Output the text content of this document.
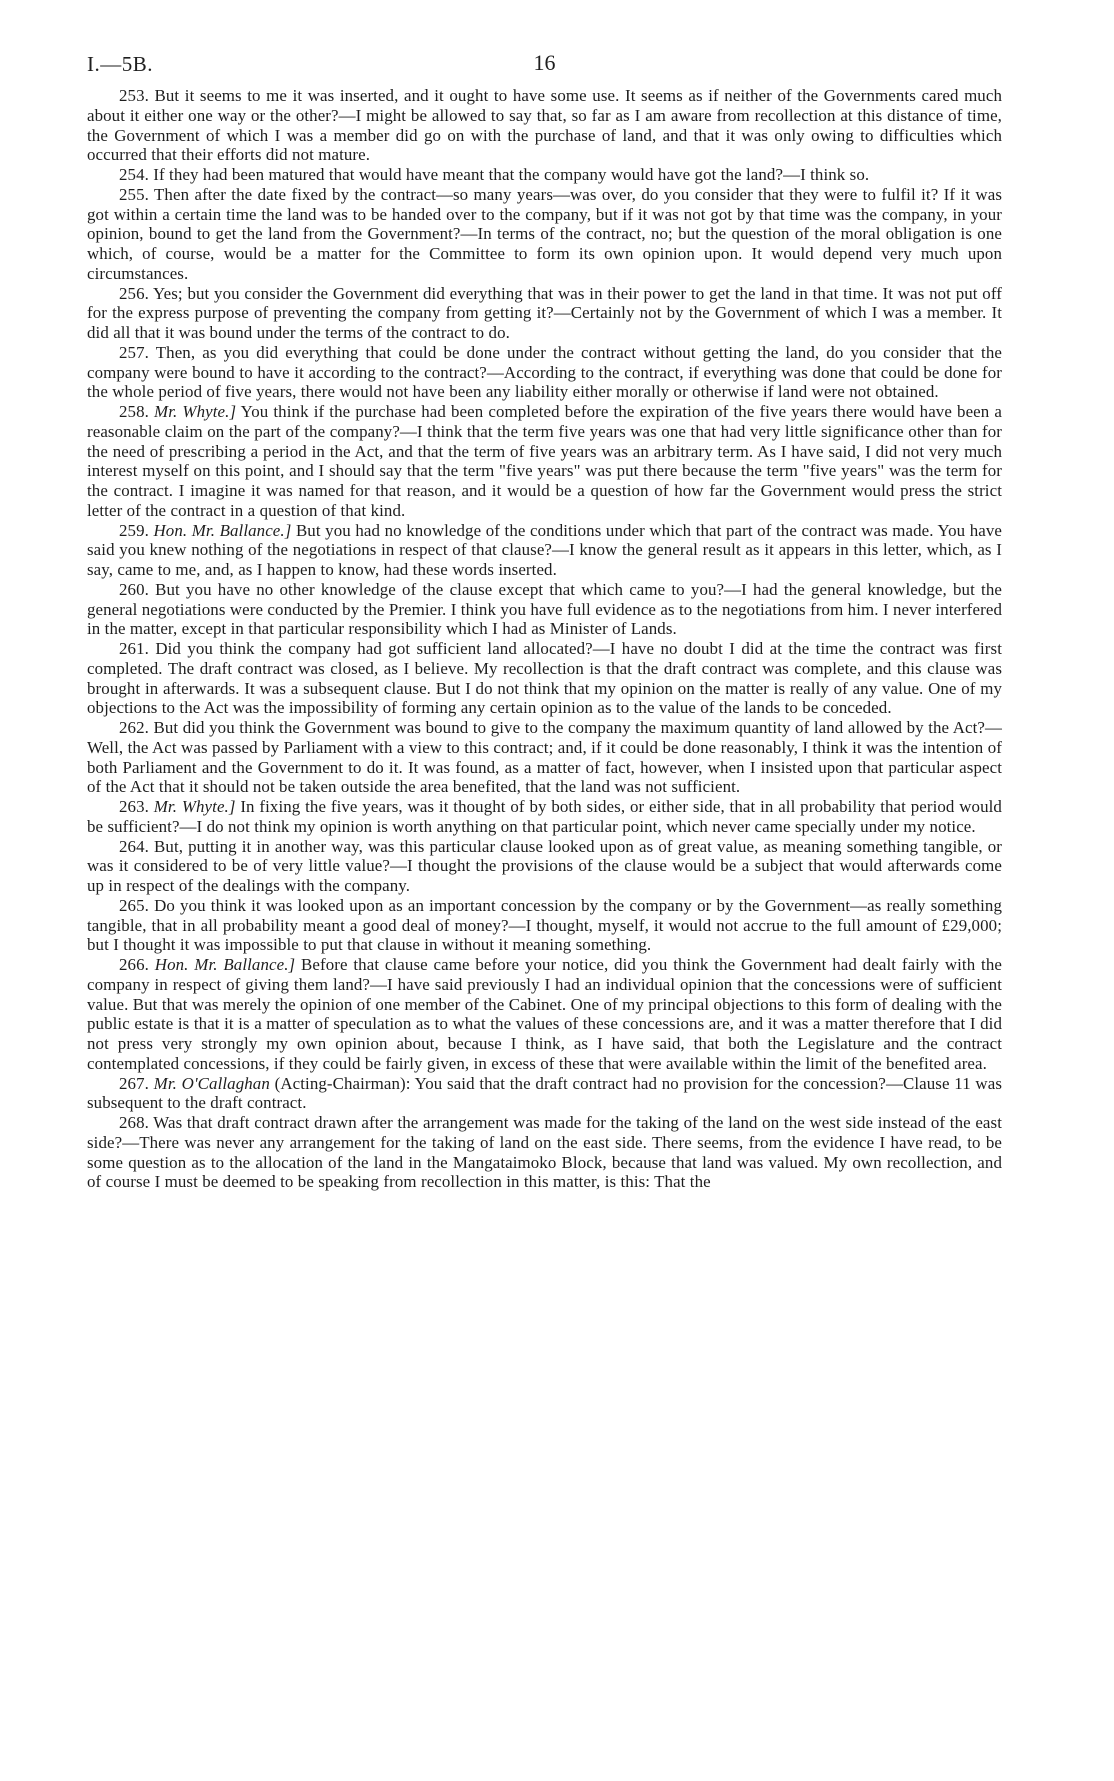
I.—5B.	16

253. But it seems to me it was inserted, and it ought to have some use. It seems as if neither of the Governments cared much about it either one way or the other?—I might be allowed to say that, so far as I am aware from recollection at this distance of time, the Government of which I was a member did go on with the purchase of land, and that it was only owing to difficulties which occurred that their efforts did not mature.

254. If they had been matured that would have meant that the company would have got the land?—I think so.

255. Then after the date fixed by the contract—so many years—was over, do you consider that they were to fulfil it? If it was got within a certain time the land was to be handed over to the company, but if it was not got by that time was the company, in your opinion, bound to get the land from the Government?—In terms of the contract, no; but the question of the moral obligation is one which, of course, would be a matter for the Committee to form its own opinion upon. It would depend very much upon circumstances.

256. Yes; but you consider the Government did everything that was in their power to get the land in that time. It was not put off for the express purpose of preventing the company from getting it?—Certainly not by the Government of which I was a member. It did all that it was bound under the terms of the contract to do.

257. Then, as you did everything that could be done under the contract without getting the land, do you consider that the company were bound to have it according to the contract?—According to the contract, if everything was done that could be done for the whole period of five years, there would not have been any liability either morally or otherwise if land were not obtained.

258. Mr. Whyte.] You think if the purchase had been completed before the expiration of the five years there would have been a reasonable claim on the part of the company?—I think that the term five years was one that had very little significance other than for the need of prescribing a period in the Act, and that the term of five years was an arbitrary term. As I have said, I did not very much interest myself on this point, and I should say that the term "five years" was put there because the term "five years" was the term for the contract. I imagine it was named for that reason, and it would be a question of how far the Government would press the strict letter of the contract in a question of that kind.

259. Hon. Mr. Ballance.] But you had no knowledge of the conditions under which that part of the contract was made. You have said you knew nothing of the negotiations in respect of that clause?—I know the general result as it appears in this letter, which, as I say, came to me, and, as I happen to know, had these words inserted.

260. But you have no other knowledge of the clause except that which came to you?—I had the general knowledge, but the general negotiations were conducted by the Premier. I think you have full evidence as to the negotiations from him. I never interfered in the matter, except in that particular responsibility which I had as Minister of Lands.

261. Did you think the company had got sufficient land allocated?—I have no doubt I did at the time the contract was first completed. The draft contract was closed, as I believe. My recollection is that the draft contract was complete, and this clause was brought in afterwards. It was a subsequent clause. But I do not think that my opinion on the matter is really of any value. One of my objections to the Act was the impossibility of forming any certain opinion as to the value of the lands to be conceded.

262. But did you think the Government was bound to give to the company the maximum quantity of land allowed by the Act?—Well, the Act was passed by Parliament with a view to this contract; and, if it could be done reasonably, I think it was the intention of both Parliament and the Government to do it. It was found, as a matter of fact, however, when I insisted upon that particular aspect of the Act that it should not be taken outside the area benefited, that the land was not sufficient.

263. Mr. Whyte.] In fixing the five years, was it thought of by both sides, or either side, that in all probability that period would be sufficient?—I do not think my opinion is worth anything on that particular point, which never came specially under my notice.

264. But, putting it in another way, was this particular clause looked upon as of great value, as meaning something tangible, or was it considered to be of very little value?—I thought the provisions of the clause would be a subject that would afterwards come up in respect of the dealings with the company.

265. Do you think it was looked upon as an important concession by the company or by the Government—as really something tangible, that in all probability meant a good deal of money?—I thought, myself, it would not accrue to the full amount of £29,000; but I thought it was impossible to put that clause in without it meaning something.

266. Hon. Mr. Ballance.] Before that clause came before your notice, did you think the Government had dealt fairly with the company in respect of giving them land?—I have said previously I had an individual opinion that the concessions were of sufficient value. But that was merely the opinion of one member of the Cabinet. One of my principal objections to this form of dealing with the public estate is that it is a matter of speculation as to what the values of these concessions are, and it was a matter therefore that I did not press very strongly my own opinion about, because I think, as I have said, that both the Legislature and the contract contemplated concessions, if they could be fairly given, in excess of these that were available within the limit of the benefited area.

267. Mr. O'Callaghan (Acting-Chairman): You said that the draft contract had no provision for the concession?—Clause 11 was subsequent to the draft contract.

268. Was that draft contract drawn after the arrangement was made for the taking of the land on the west side instead of the east side?—There was never any arrangement for the taking of land on the east side. There seems, from the evidence I have read, to be some question as to the allocation of the land in the Mangataimoko Block, because that land was valued. My own recollection, and of course I must be deemed to be speaking from recollection in this matter, is this: That the
